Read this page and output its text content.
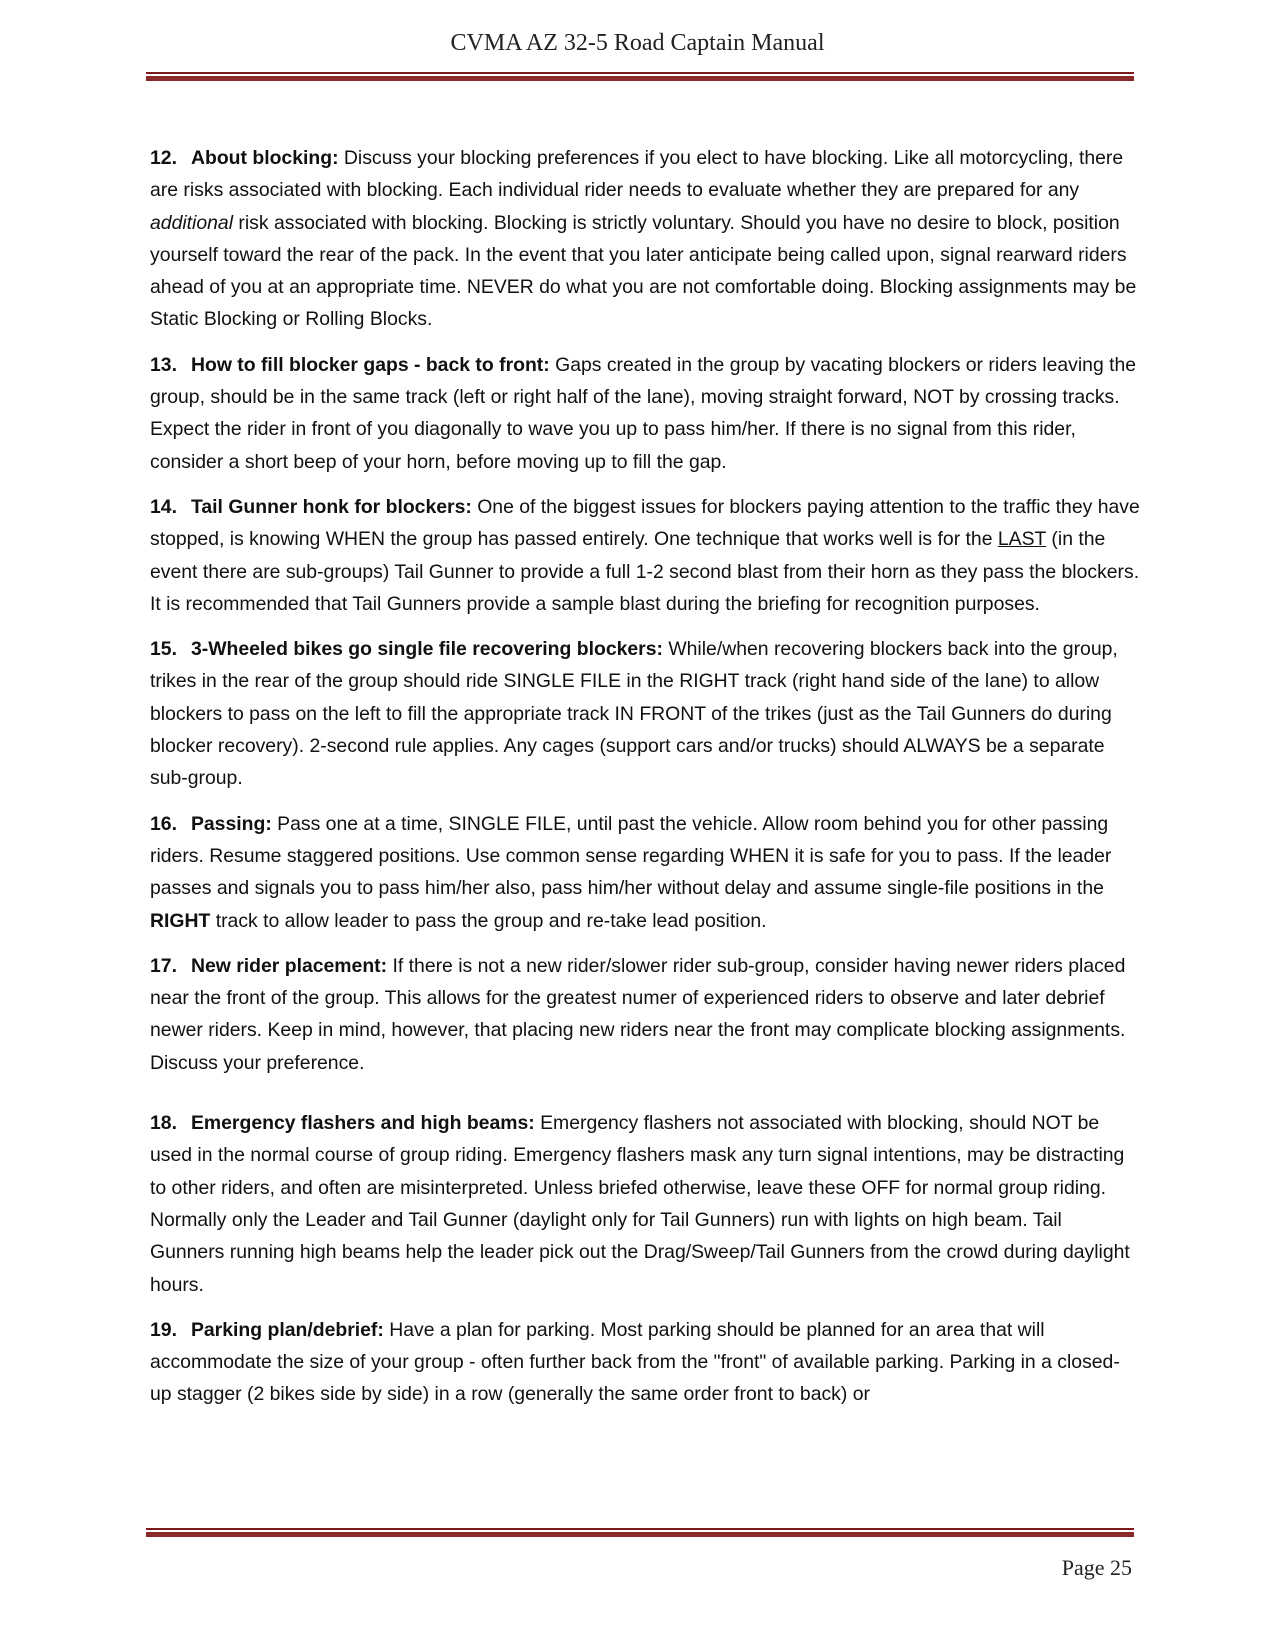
CVMA AZ 32-5 Road Captain Manual

12. About blocking: Discuss your blocking preferences if you elect to have blocking. Like all motorcycling, there are risks associated with blocking. Each individual rider needs to evaluate whether they are prepared for any additional risk associated with blocking. Blocking is strictly voluntary. Should you have no desire to block, position yourself toward the rear of the pack. In the event that you later anticipate being called upon, signal rearward riders ahead of you at an appropriate time. NEVER do what you are not comfortable doing. Blocking assignments may be Static Blocking or Rolling Blocks.

13. How to fill blocker gaps - back to front: Gaps created in the group by vacating blockers or riders leaving the group, should be in the same track (left or right half of the lane), moving straight forward, NOT by crossing tracks. Expect the rider in front of you diagonally to wave you up to pass him/her. If there is no signal from this rider, consider a short beep of your horn, before moving up to fill the gap.

14. Tail Gunner honk for blockers: One of the biggest issues for blockers paying attention to the traffic they have stopped, is knowing WHEN the group has passed entirely. One technique that works well is for the LAST (in the event there are sub-groups) Tail Gunner to provide a full 1-2 second blast from their horn as they pass the blockers. It is recommended that Tail Gunners provide a sample blast during the briefing for recognition purposes.

15. 3-Wheeled bikes go single file recovering blockers: While/when recovering blockers back into the group, trikes in the rear of the group should ride SINGLE FILE in the RIGHT track (right hand side of the lane) to allow blockers to pass on the left to fill the appropriate track IN FRONT of the trikes (just as the Tail Gunners do during blocker recovery). 2-second rule applies. Any cages (support cars and/or trucks) should ALWAYS be a separate sub-group.

16. Passing: Pass one at a time, SINGLE FILE, until past the vehicle. Allow room behind you for other passing riders. Resume staggered positions. Use common sense regarding WHEN it is safe for you to pass. If the leader passes and signals you to pass him/her also, pass him/her without delay and assume single-file positions in the RIGHT track to allow leader to pass the group and re-take lead position.

17. New rider placement: If there is not a new rider/slower rider sub-group, consider having newer riders placed near the front of the group. This allows for the greatest numer of experienced riders to observe and later debrief newer riders. Keep in mind, however, that placing new riders near the front may complicate blocking assignments. Discuss your preference.

18. Emergency flashers and high beams: Emergency flashers not associated with blocking, should NOT be used in the normal course of group riding. Emergency flashers mask any turn signal intentions, may be distracting to other riders, and often are misinterpreted. Unless briefed otherwise, leave these OFF for normal group riding. Normally only the Leader and Tail Gunner (daylight only for Tail Gunners) run with lights on high beam. Tail Gunners running high beams help the leader pick out the Drag/Sweep/Tail Gunners from the crowd during daylight hours.

19. Parking plan/debrief: Have a plan for parking. Most parking should be planned for an area that will accommodate the size of your group - often further back from the "front" of available parking. Parking in a closed-up stagger (2 bikes side by side) in a row (generally the same order front to back) or

Page 25
